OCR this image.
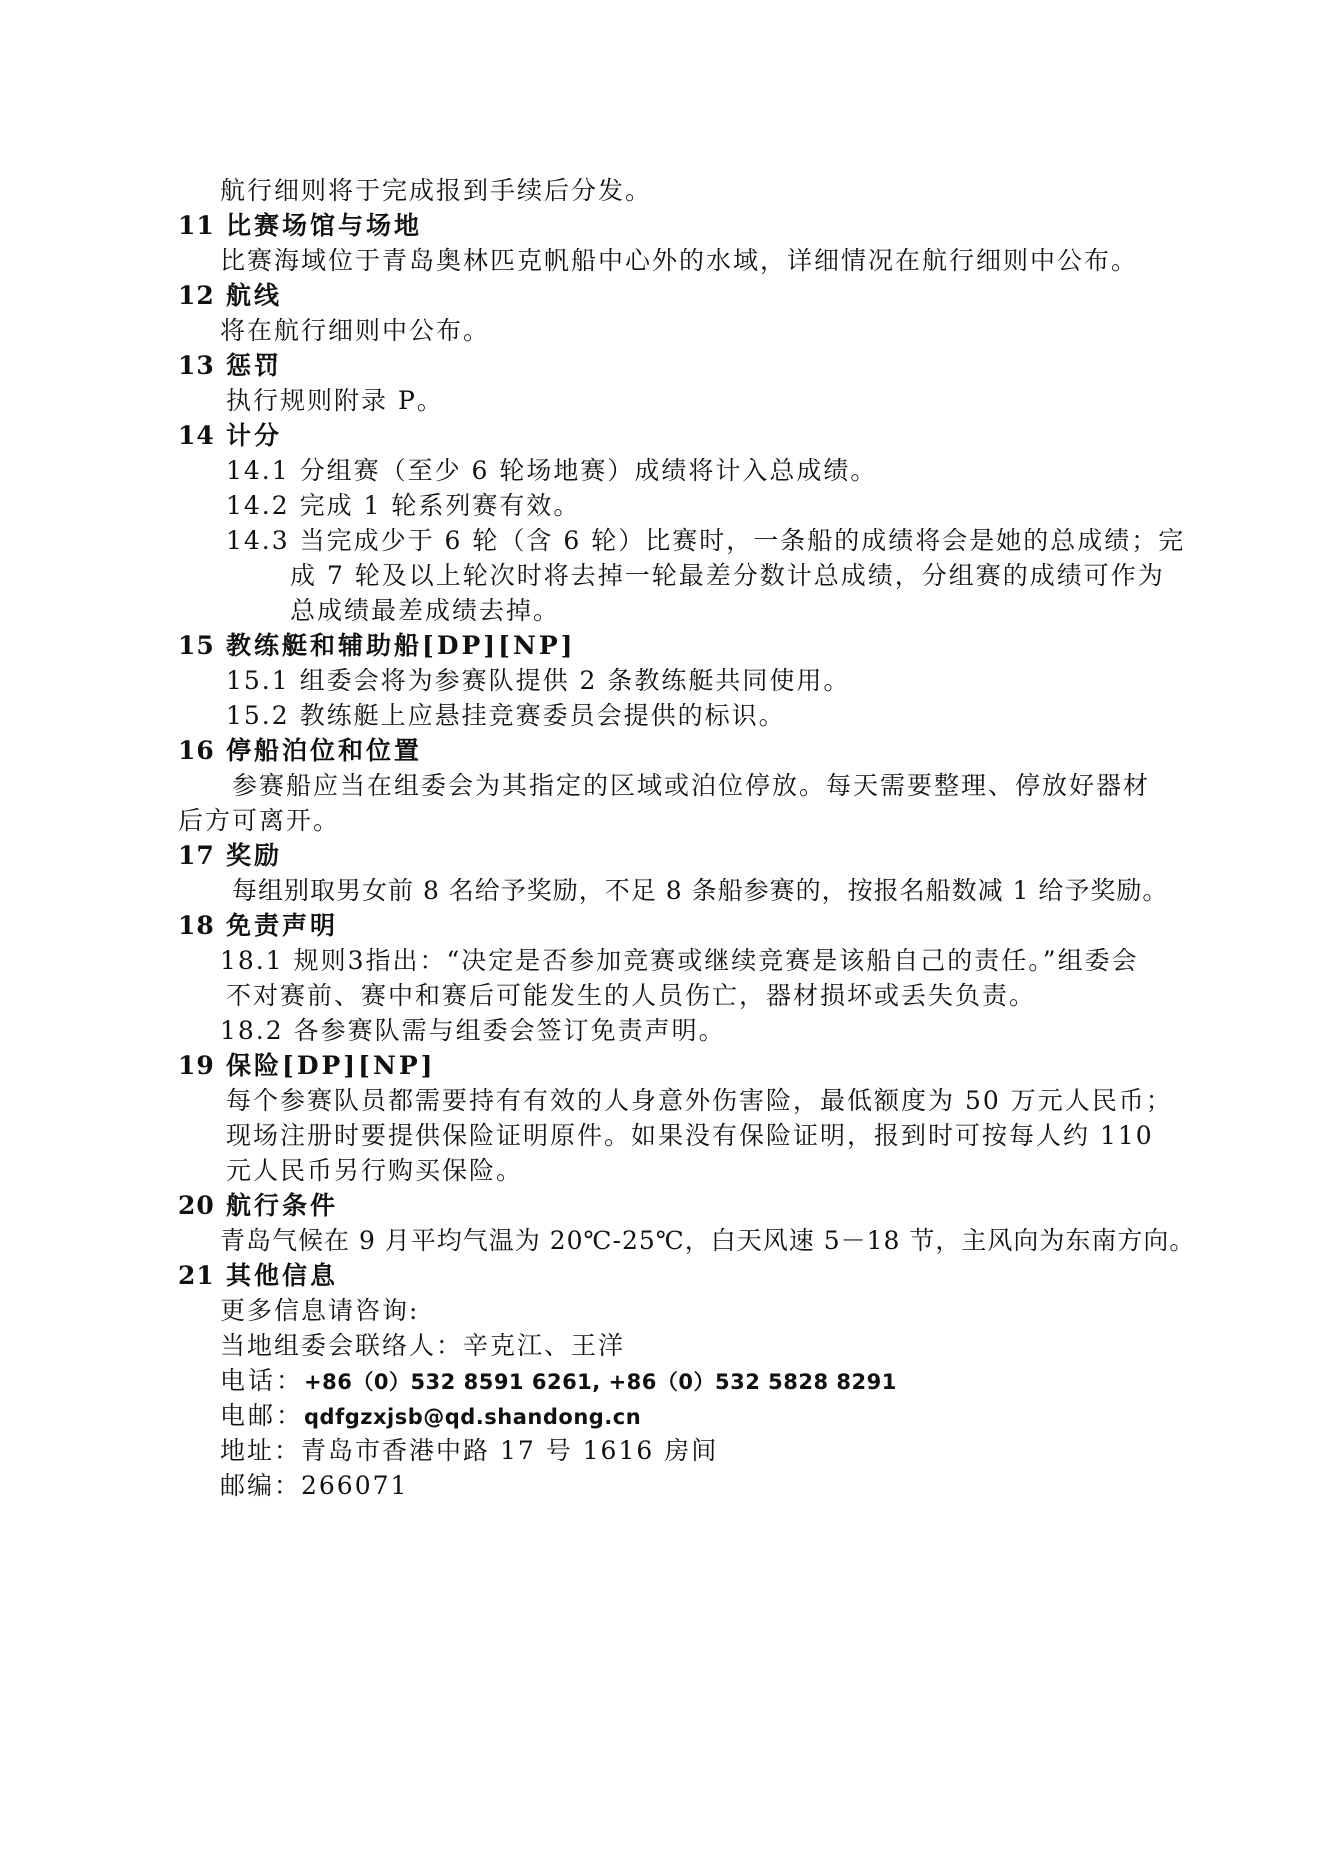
航行细则将于完成报到手续后分发。
11 比赛场馆与场地
比赛海域位于青岛奥林匹克帆船中心外的水域，详细情况在航行细则中公布。
12 航线
将在航行细则中公布。
13 惩罚
执行规则附录 P。
14 计分
14.1 分组赛（至少 6 轮场地赛）成绩将计入总成绩。
14.2 完成 1 轮系列赛有效。
14.3 当完成少于 6 轮（含 6 轮）比赛时，一条船的成绩将会是她的总成绩；完
成 7 轮及以上轮次时将去掉一轮最差分数计总成绩，分组赛的成绩可作为
总成绩最差成绩去掉。
15 教练艇和辅助船[DP][NP]
15.1 组委会将为参赛队提供 2 条教练艇共同使用。
15.2 教练艇上应悬挂竞赛委员会提供的标识。
16 停船泊位和位置
参赛船应当在组委会为其指定的区域或泊位停放。每天需要整理、停放好器材
后方可离开。
17 奖励
每组别取男女前 8 名给予奖励，不足 8 条船参赛的，按报名船数减 1 给予奖励。
18 免责声明
18.1 规则3指出：“决定是否参加竞赛或继续竞赛是该船自己的责任。”组委会
不对赛前、赛中和赛后可能发生的人员伤亡，器材损坏或丢失负责。
18.2 各参赛队需与组委会签订免责声明。
19 保险[DP][NP]
每个参赛队员都需要持有有效的人身意外伤害险，最低额度为 50 万元人民币；
现场注册时要提供保险证明原件。如果没有保险证明，报到时可按每人约 110
元人民币另行购买保险。
20 航行条件
青岛气候在 9 月平均气温为 20℃-25℃，白天风速 5－18 节，主风向为东南方向。
21 其他信息
更多信息请咨询:
当地组委会联络人：辛克江、王洋
电话：+86（0）532 8591 6261, +86（0）532 5828 8291
电邮：qdfgzxjsb@qd.shandong.cn
地址：青岛市香港中路 17 号 1616 房间
邮编：266071
